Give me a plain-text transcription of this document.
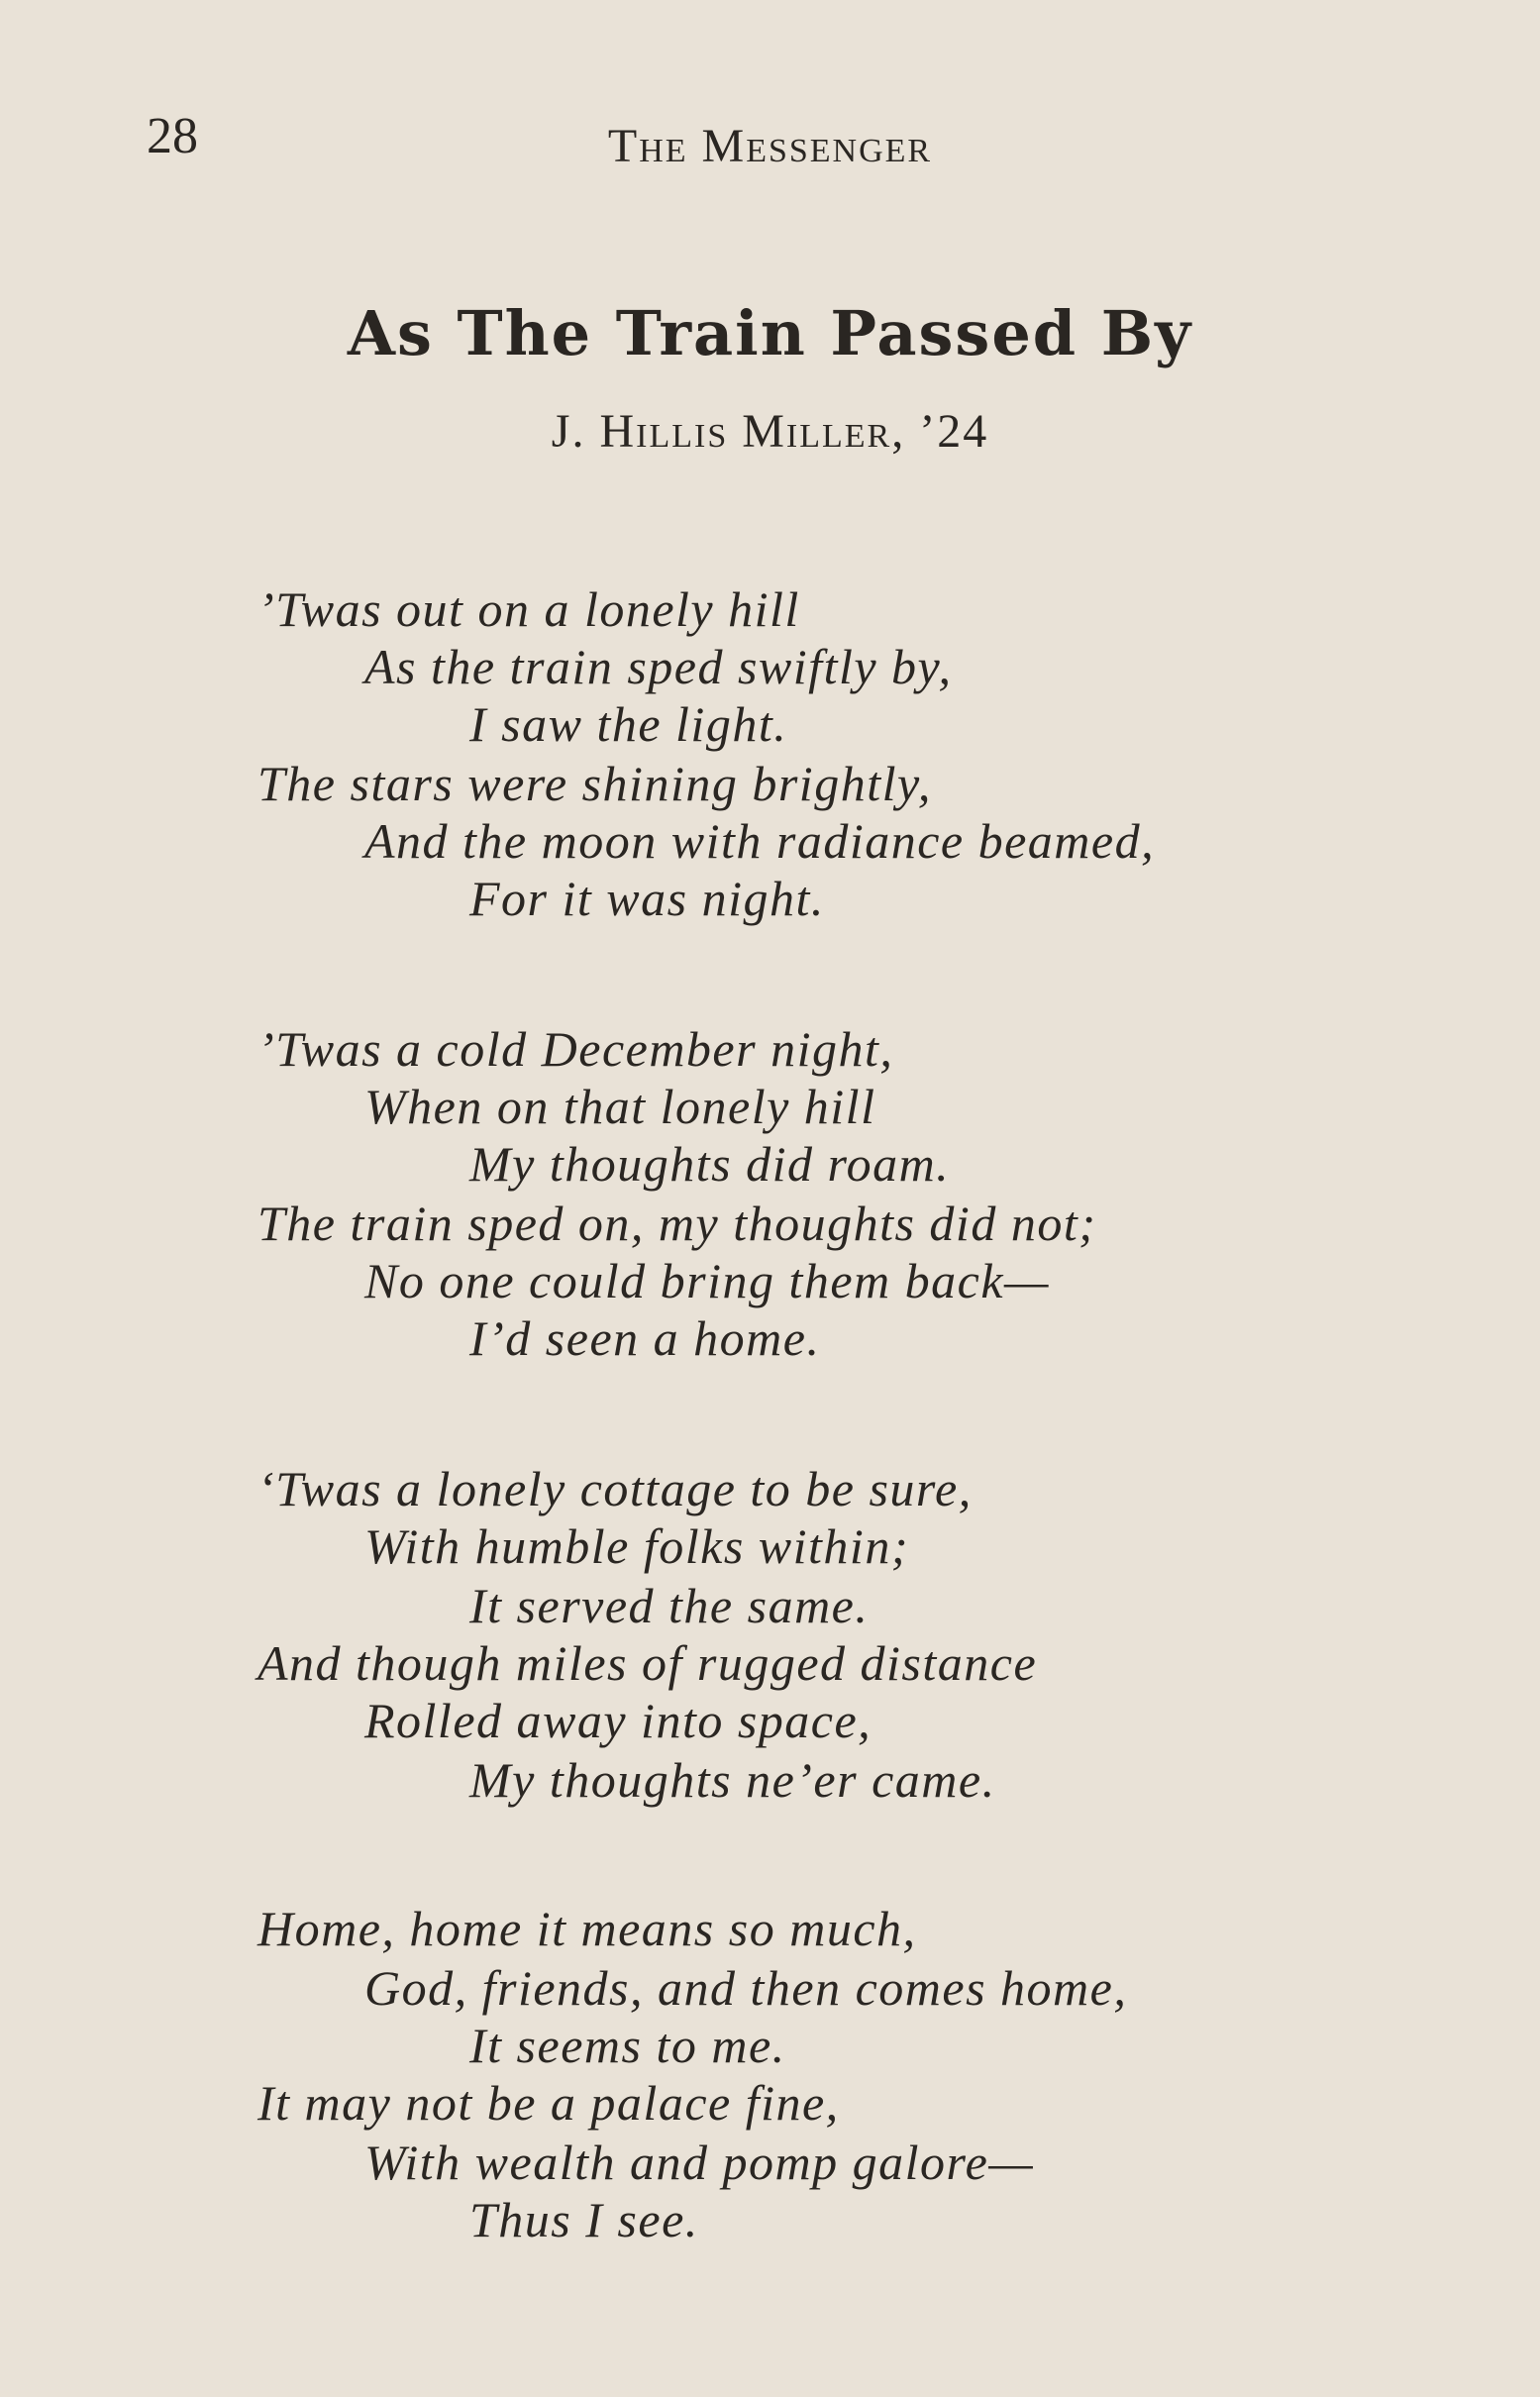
28	The Messenger
As The Train Passed By
J. Hillis Miller, ’24
’Twas out on a lonely hill
As the train sped swiftly by,
I saw the light.
The stars were shining brightly,
And the moon with radiance beamed,
For it was night.
’Twas a cold December night,
When on that lonely hill
My thoughts did roam.
The train sped on, my thoughts did not;
No one could bring them back—
I’d seen a home.
‘Twas a lonely cottage to be sure,
With humble folks within;
It served the same.
And though miles of rugged distance
Rolled away into space,
My thoughts ne’er came.
Home, home it means so much,
God, friends, and then comes home,
It seems to me.
It may not be a palace fine,
With wealth and pomp galore—
Thus I see.
